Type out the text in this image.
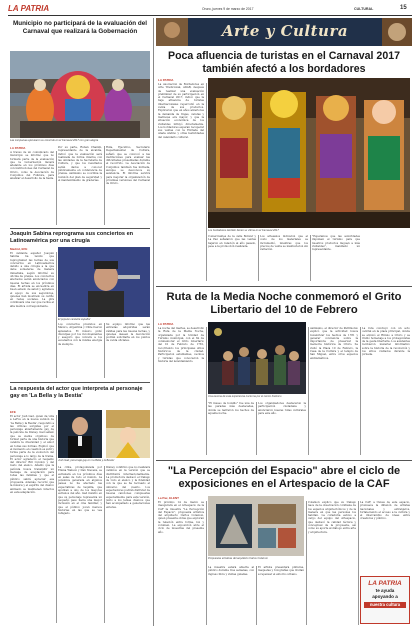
LA PATRIA	Oruro, jueves 9 de marzo de 2017	CULTURAL	15
Municipio no participará de la evaluación del Carnaval que realizará la Gobernación
Las comparsas ejecutaron su recorrido en el Carnaval 2017 con gran alegría
LA PATRIA
A través de un comunicado del municipio se informó que no formará parte de la evaluación que la Gobernación llevará adelante en los próximos días con instituciones del Carnaval de Oruro, como la Asociación de Conjuntos del Folklore, para analizar el desarrollo de la fiesta.
Por su parte, Rubén Chambi, representante de la alcaldía, indicó que la evaluación será realizada de forma interna con las unidades de la Secretaría de Cultura, y que los resultados serán dados a conocer públicamente en conferencia de prensa. Asimismo se coordina la revisión del plan de seguridad y el mantenimiento de graderías.
Ruta, Ejecutivo, Secretario Departamental de Cultura, señaló que se convocó a las instituciones para evaluar las dificultades presentadas durante el recorrido. La Asociación de Conjuntos también fue invitada, aunque se desconoce su asistencia. El informe servirá para mejorar la organización de próximas versiones del Carnaval de Oruro.
Joaquín Sabina reprograma sus conciertos en Latinoamérica por una cirugía
Madrid, EFE
El cantante español Joaquín Sabina ha tenido que reprogramar las fechas de sus conciertos en Latinoamérica debido a una cirugía a la que debe someterse de manera inmediata, según informó su oficina de prensa. Los conciertos afectados serán anunciados con nuevas fechas en los próximos días. El artista se encuentra en buen estado de salud y agradece el apoyo de sus seguidores, quienes han mostrado su cariño en redes sociales. La gira continuará una vez que reciba el alta médica correspondiente.
El popular cantante español
Los conciertos previstos en México, Argentina y Chile fueron aplazados. El músico pidió disculpas por los inconvenientes y aseguró que volverá a los escenarios con la misma energía de siempre.
Su equipo informó que las entradas adquiridas serán válidas para las nuevas fechas, y quienes deseen la devolución podrán solicitarla en los puntos de venta oficiales.
La respuesta del actor que interpreta al personaje gay en 'La Bella y la Bestia'
EFE
El actor Josh Gad, quien da vida a LeFou en la nueva versión de 'La Bella y la Bestia', respondió a las críticas surgidas por el personaje abiertamente gay de la película de Disney. Gad señaló que se siente orgulloso de formar parte de una historia que celebra la diversidad y el amor en todas sus formas. Explicó que el momento en cuestión es sutil y forma parte de la evolución del personaje a lo largo de la trama. El actor agradeció el respaldo del director Bill Condon y del resto del elenco. Añadió que la película busca transmitir un mensaje de aceptación para todas las familias y que el público sabrá apreciar esa propuesta. Además, recordó que la música y el espíritu del clásico animado se mantienen intactos en esta adaptación.
Josh Gad, personaje gay en 'La Bella y la Bestia'
La cinta, protagonizada por Emma Watson y Dan Stevens, se estrenará en los próximos días en salas de todo el mundo. La polémica generada en algunos países no ha afectado las expectativas de taquilla, que apuntan a uno de los mayores estrenos del año. Gad insistió en que su personaje representa un pequeño paso hacia una mayor inclusión en el cine familiar, y que el público joven merece historias en las que se vea reflejado.
Disney confirmó que no realizará cambios en la versión que se distribuirá internacionalmente. La productora destacó el trabajo de todo el elenco y la fidelidad con la que se ha recreado el universo del cuento. Los espectadores podrán disfrutar de nuevas canciones compuestas especialmente para esta versión, junto a los temas clásicos que han acompañado a generaciones enteras.
Arte y Cultura
Poca afluencia de turistas en el Carnaval 2017 también afectó a los bordadores
LA PATRIA
La Asociación de Bordadores en Arte Tradicional, ADAB, después de realizar una evaluación preliminar de su participación en el Carnaval 2017, indicó que la baja afluencia de turistas internacionales repercutió en la venta de sus productos. Explicaron que en años anteriores la demanda de trajes, caretas y matracas era mayor, y que la situación económica de los visitantes influyó directamente. Los bordadores esperan recuperar sus ventas con la Entrada del Anata Andino y otras festividades del calendario cultural.
Los bordadores también tienen su vitrina en el Carnaval 2017
Comerciantes de la calle Bolívar y La Paz señalaron que las ventas bajaron en relación al año pasado, pese a la promoción realizada.
Los artesanos indicaron que el costo de los materiales se incrementó, mientras que los precios de venta se mantuvieron sin variación.
"Esperamos que las autoridades impulsen el turismo para que nuestros productos lleguen a más visitantes", manifestó un representante.
Ruta de la Media Noche conmemoró el Grito Libertario del 10 de Febrero
LA PATRIA
La noche del martes, se desarrolló la Ruta de la Media Noche, organizada por la Unidad de Turismo municipal, con el fin de conmemorar el Grito Libertario del 10 de Febrero de 1781, recorriendo los principales sitios históricos de la ciudad. Participaron estudiantes, vecinos y turistas que conocieron la historia del levantamiento.
Una escena de esta experiencia nocturna por el centro histórico
"El museo de bolsillo" fue una de las paradas más destacadas, donde se narraron los hechos de aquella noche.
Los organizadores destacaron la participación ciudadana y anunciaron nuevas rutas culturales para este año.
Asimismo, el director de Patrimonio explicó que la actividad busca revalorizar los hechos de 1781 y generar conciencia sobre la importancia de preservar la memoria histórica de Oruro. Se visitó la Plaza 10 de Febrero, la Casa de la Cultura y el templo de San Miguel, entre otros espacios emblemáticos.
La ruta concluyó con un acto central en la plaza principal, donde se entonó el Himno a Oruro y se rindió homenaje a los protagonistas de la gesta libertaria. Los asistentes recibieron material informativo sobre la historia de la revolución y los sitios visitados durante la jornada.
"La Percepción del Espacio" abre el ciclo de exposiciones en el Artespacio de la CAF
La Paz, ELENT
El próximo 14 de marzo se inaugurará en el Artespacio de la CAF la muestra "La Percepción del Espacio", propuesta artística del arquitecto Carlos Colamon, quien presenta obras que exploran la relación entre forma, luz y volumen. La exposición abre el ciclo de muestras del presente año.
Propuestas artísticas del arquitecto Carlos Colamon
La muestra estará abierta al público durante tres semanas, con ingreso libre y visitas guiadas.
El artista presentará pinturas, maquetas y fotografías que invitan a repensar el entorno urbano.
Colamon explicó que su trabajo nace de la observación cotidiana de los espacios arquitectónicos y de la manera en que las personas los habitan. La curaduría estuvo a cargo del equipo del Artespacio, que destacó la calidad técnica y conceptual de la propuesta, así como su aporte al diálogo entre arte y arquitectura.
La CAF, a través de este espacio, promueve la difusión de artistas nacionales y extranjeros, fortaleciendo el acceso a la cultura y el intercambio de ideas entre creadores y público.
LA PATRIA
te ayuda
apoyando a
nuestra cultura
